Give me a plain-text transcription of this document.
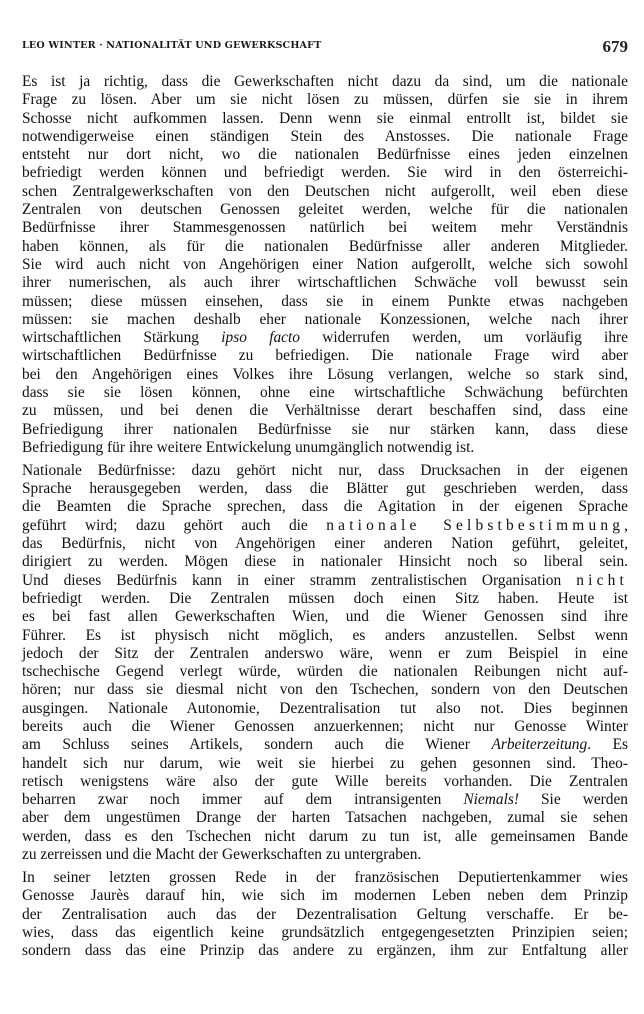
LEO WINTER · NATIONALITÄT UND GEWERKSCHAFT	679
Es ist ja richtig, dass die Gewerkschaften nicht dazu da sind, um die nationale
Frage zu lösen. Aber um sie nicht lösen zu müssen, dürfen sie sie in ihrem
Schosse nicht aufkommen lassen. Denn wenn sie einmal entrollt ist, bildet sie
notwendigerweise einen ständigen Stein des Anstosses. Die nationale Frage
entsteht nur dort nicht, wo die nationalen Bedürfnisse eines jeden einzelnen
befriedigt werden können und befriedigt werden. Sie wird in den österreichi-
schen Zentralgewerkschaften von den Deutschen nicht aufgerollt, weil eben diese
Zentralen von deutschen Genossen geleitet werden, welche für die nationalen
Bedürfnisse ihrer Stammesgenossen natürlich bei weitem mehr Verständnis
haben können, als für die nationalen Bedürfnisse aller anderen Mitglieder.
Sie wird auch nicht von Angehörigen einer Nation aufgerollt, welche sich sowohl
ihrer numerischen, als auch ihrer wirtschaftlichen Schwäche voll bewusst sein
müssen; diese müssen einsehen, dass sie in einem Punkte etwas nachgeben
müssen: sie machen deshalb eher nationale Konzessionen, welche nach ihrer
wirtschaftlichen Stärkung ipso facto widerrufen werden, um vorläufig ihre
wirtschaftlichen Bedürfnisse zu befriedigen. Die nationale Frage wird aber
bei den Angehörigen eines Volkes ihre Lösung verlangen, welche so stark sind,
dass sie sie lösen können, ohne eine wirtschaftliche Schwächung befürchten
zu müssen, und bei denen die Verhältnisse derart beschaffen sind, dass eine
Befriedigung ihrer nationalen Bedürfnisse sie nur stärken kann, dass diese
Befriedigung für ihre weitere Entwickelung unumgänglich notwendig ist.
Nationale Bedürfnisse: dazu gehört nicht nur, dass Drucksachen in der eigenen
Sprache herausgegeben werden, dass die Blätter gut geschrieben werden, dass
die Beamten die Sprache sprechen, dass die Agitation in der eigenen Sprache
geführt wird; dazu gehört auch die nationale Selbstbestimmung,
das Bedürfnis, nicht von Angehörigen einer anderen Nation geführt, geleitet,
dirigiert zu werden. Mögen diese in nationaler Hinsicht noch so liberal sein.
Und dieses Bedürfnis kann in einer stramm zentralistischen Organisation nicht
befriedigt werden. Die Zentralen müssen doch einen Sitz haben. Heute ist
es bei fast allen Gewerkschaften Wien, und die Wiener Genossen sind ihre
Führer. Es ist physisch nicht möglich, es anders anzustellen. Selbst wenn
jedoch der Sitz der Zentralen anderswo wäre, wenn er zum Beispiel in eine
tschechische Gegend verlegt würde, würden die nationalen Reibungen nicht auf-
hören; nur dass sie diesmal nicht von den Tschechen, sondern von den Deutschen
ausgingen. Nationale Autonomie, Dezentralisation tut also not. Dies beginnen
bereits auch die Wiener Genossen anzuerkennen; nicht nur Genosse Winter
am Schluss seines Artikels, sondern auch die Wiener Arbeiterzeitung. Es
handelt sich nur darum, wie weit sie hierbei zu gehen gesonnen sind. Theo-
retisch wenigstens wäre also der gute Wille bereits vorhanden. Die Zentralen
beharren zwar noch immer auf dem intransigenten Niemals! Sie werden
aber dem ungestümen Drange der harten Tatsachen nachgeben, zumal sie sehen
werden, dass es den Tschechen nicht darum zu tun ist, alle gemeinsamen Bande
zu zerreissen und die Macht der Gewerkschaften zu untergraben.
In seiner letzten grossen Rede in der französischen Deputiertenkammer wies
Genosse Jaurès darauf hin, wie sich im modernen Leben neben dem Prinzip
der Zentralisation auch das der Dezentralisation Geltung verschaffe. Er be-
wies, dass das eigentlich keine grundsätzlich entgegengesetzten Prinzipien seien;
sondern dass das eine Prinzip das andere zu ergänzen, ihm zur Entfaltung aller
